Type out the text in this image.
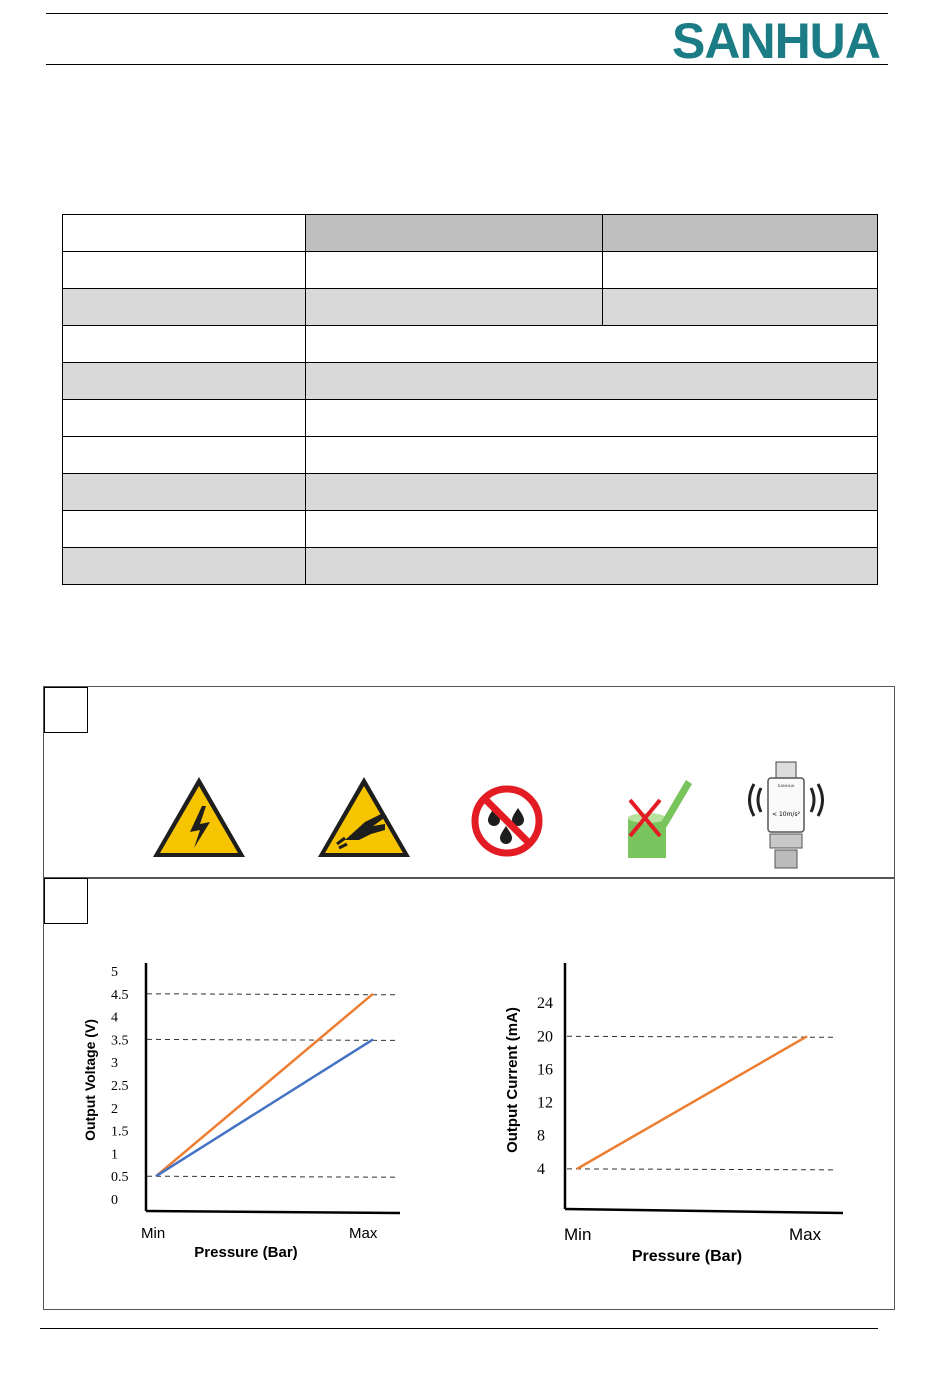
SANHUA

SANHUA
< 10m/s²
0
0.5
1
1.5
2
2.5
3
3.5
4
4.5
5
Min	Max
Pressure (Bar)
Output Voltage (V)
4
8
12
16
20
24
Min	Max
Pressure (Bar)
Output Current (mA)
